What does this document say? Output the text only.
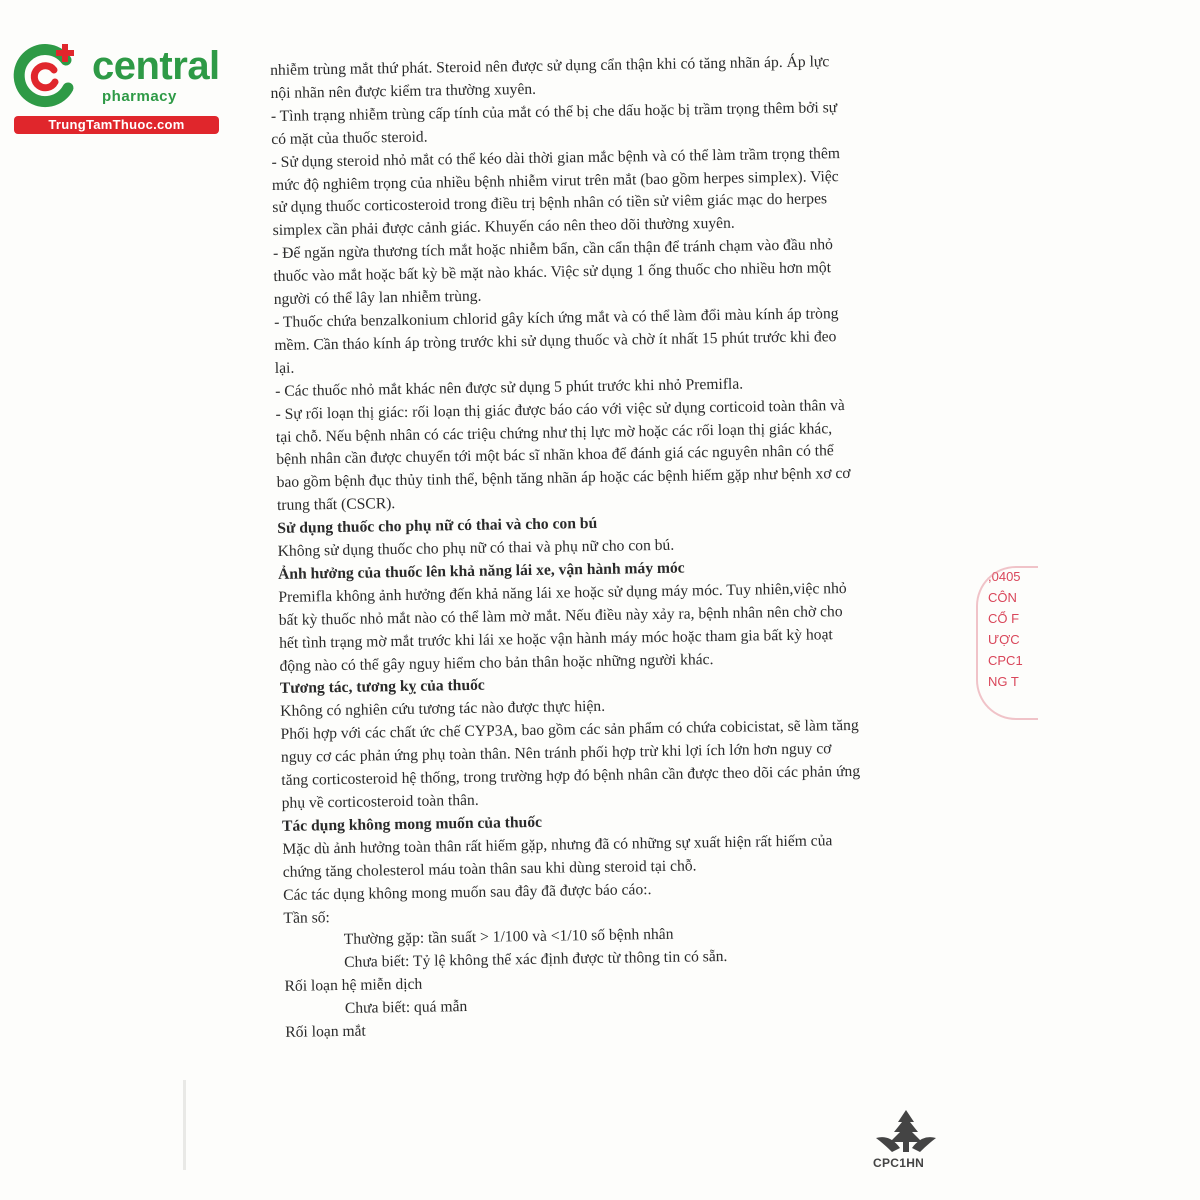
central
pharmacy
TrungTamThuoc.com

nhiễm trùng mắt thứ phát. Steroid nên được sử dụng cẩn thận khi có tăng nhãn áp. Áp lực

nội nhãn nên được kiểm tra thường xuyên.

- Tình trạng nhiễm trùng cấp tính của mắt có thể bị che dấu hoặc bị trầm trọng thêm bởi sự

có mặt của thuốc steroid.

- Sử dụng steroid nhỏ mắt có thể kéo dài thời gian mắc bệnh và có thể làm trầm trọng thêm

mức độ nghiêm trọng của nhiều bệnh nhiễm virut trên mắt (bao gồm herpes simplex). Việc

sử dụng thuốc corticosteroid trong điều trị bệnh nhân có tiền sử viêm giác mạc do herpes

simplex cần phải được cảnh giác. Khuyến cáo nên theo dõi thường xuyên.

- Để ngăn ngừa thương tích mắt hoặc nhiễm bẩn, cần cẩn thận để tránh chạm vào đầu nhỏ

thuốc vào mắt hoặc bất kỳ bề mặt nào khác. Việc sử dụng 1 ống thuốc cho nhiều hơn một

người có thể lây lan nhiễm trùng.

- Thuốc chứa benzalkonium chlorid gây kích ứng mắt và có thể làm đổi màu kính áp tròng

mềm. Cần tháo kính áp tròng trước khi sử dụng thuốc và chờ ít nhất 15 phút trước khi đeo

lại.

- Các thuốc nhỏ mắt khác nên được sử dụng 5 phút trước khi nhỏ Premifla.

- Sự rối loạn thị giác: rối loạn thị giác được báo cáo với việc sử dụng corticoid toàn thân và

tại chỗ. Nếu bệnh nhân có các triệu chứng như thị lực mờ hoặc các rối loạn thị giác khác,

bệnh nhân cần được chuyển tới một bác sĩ nhãn khoa để đánh giá các nguyên nhân có thể

bao gồm bệnh đục thủy tinh thể, bệnh tăng nhãn áp hoặc các bệnh hiếm gặp như bệnh xơ cơ

trung thất (CSCR).

Sử dụng thuốc cho phụ nữ có thai và cho con bú

Không sử dụng thuốc cho phụ nữ có thai và phụ nữ cho con bú.

Ảnh hưởng của thuốc lên khả năng lái xe, vận hành máy móc

Premifla không ảnh hưởng đến khả năng lái xe hoặc sử dụng máy móc. Tuy nhiên,việc nhỏ

bất kỳ thuốc nhỏ mắt nào có thể làm mờ mắt. Nếu điều này xảy ra, bệnh nhân nên chờ cho

hết tình trạng mờ mắt trước khi lái xe hoặc vận hành máy móc hoặc tham gia bất kỳ hoạt

động nào có thể gây nguy hiểm cho bản thân hoặc những người khác.

Tương tác, tương kỵ của thuốc

Không có nghiên cứu tương tác nào được thực hiện.

Phối hợp với các chất ức chế CYP3A, bao gồm các sản phẩm có chứa cobicistat, sẽ làm tăng

nguy cơ các phản ứng phụ toàn thân. Nên tránh phối hợp trừ khi lợi ích lớn hơn nguy cơ

tăng corticosteroid hệ thống, trong trường hợp đó bệnh nhân cần được theo dõi các phản ứng

phụ về corticosteroid toàn thân.

Tác dụng không mong muốn của thuốc

Mặc dù ảnh hưởng toàn thân rất hiếm gặp, nhưng đã có những sự xuất hiện rất hiếm của

chứng tăng cholesterol máu toàn thân sau khi dùng steroid tại chỗ.

Các tác dụng không mong muốn sau đây đã được báo cáo:.

Tần số:

Thường gặp: tần suất > 1/100 và <1/10 số bệnh nhân

Chưa biết: Tỷ lệ không thể xác định được từ thông tin có sẵn.

Rối loạn hệ miễn dịch

Chưa biết: quá mẫn

Rối loạn mắt

,0405
CÔN
CỔ F
ƯỢC
CPC1
NG T
CPC1HN
